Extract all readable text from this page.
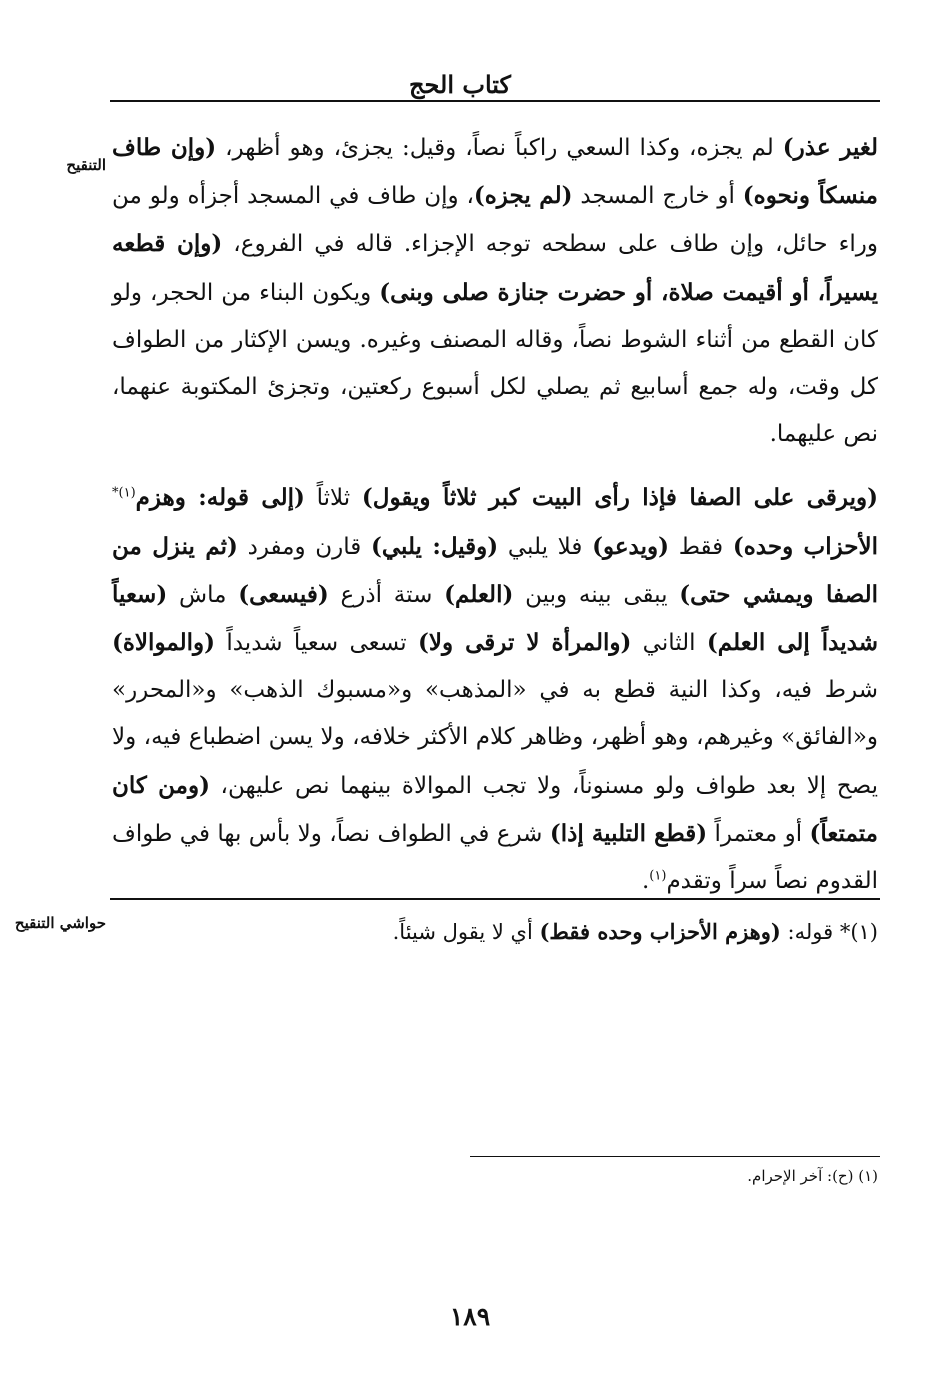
كتاب الحج
التنقيح

لغير عذر) لم يجزه، وكذا السعي راكباً نصاً، وقيل: يجزئ، وهو أظهر، (وإن طاف منسكاً ونحوه) أو خارج المسجد (لم يجزه)، وإن طاف في المسجد أجزأه ولو من وراء حائل، وإن طاف على سطحه توجه الإجزاء. قاله في الفروع، (وإن قطعه يسيراً، أو أقيمت صلاة، أو حضرت جنازة صلى وبنى) ويكون البناء من الحجر، ولو كان القطع من أثناء الشوط نصاً، وقاله المصنف وغيره. ويسن الإكثار من الطواف كل وقت، وله جمع أسابيع ثم يصلي لكل أسبوع ركعتين، وتجزئ المكتوبة عنهما، نص عليهما.

(ويرقى على الصفا فإذا رأى البيت كبر ثلاثاً ويقول) ثلاثاً (إلى قوله: وهزم$^{(١)*}$ الأحزاب وحده) فقط (ويدعو) فلا يلبي (وقيل: يلبي) قارن ومفرد (ثم ينزل من الصفا ويمشي حتى) يبقى بينه وبين (العلم) ستة أذرع (فيسعى) ماش (سعياً شديداً إلى العلم) الثاني (والمرأة لا ترقى ولا) تسعى سعياً شديداً (والموالاة) شرط فيه، وكذا النية قطع به في «المذهب» و«مسبوك الذهب» و«المحرر» و«الفائق» وغيرهم، وهو أظهر، وظاهر كلام الأكثر خلافه، ولا يسن اضطباع فيه، ولا يصح إلا بعد طواف ولو مسنوناً، ولا تجب الموالاة بينهما نص عليهن، (ومن كان متمتعاً) أو معتمراً (قطع التلبية إذا) شرع في الطواف نصاً، ولا بأس بها في طواف القدوم نصاً سراً وتقدم$^{(١)}$.

حواشي التنقيح	(١)* قوله: (وهزم الأحزاب وحده فقط) أي لا يقول شيئاً.
(١) (ح): آخر الإحرام.
١٨٩
